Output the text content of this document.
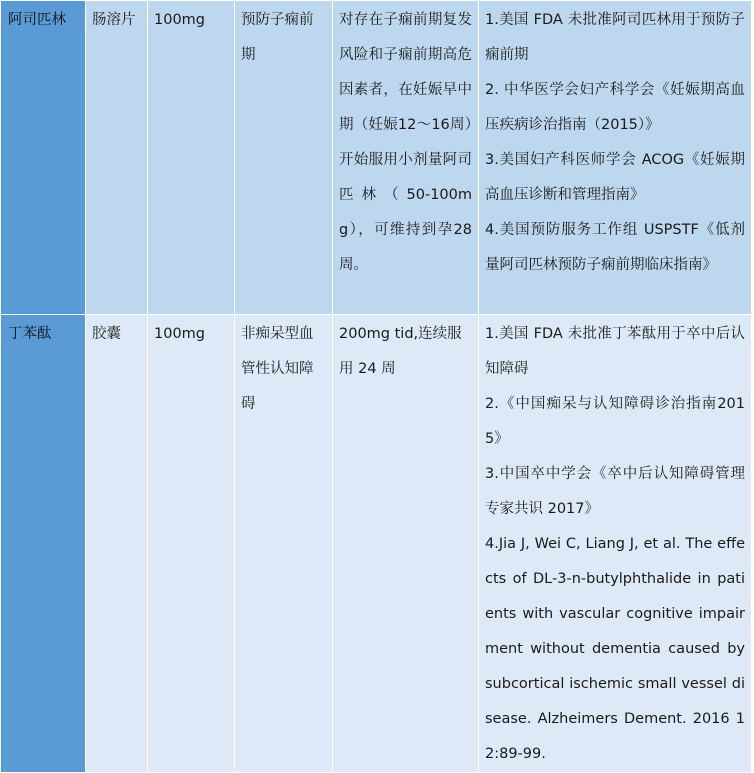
阿司匹林	肠溶片	100mg	预防子痫前期	对存在子痫前期复发风险和子痫前期高危因素者，在妊娠早中期（妊娠12～16周）开始服用小剂量阿司匹林（50-100mg），可维持到孕28周。	1.美国 FDA 未批准阿司匹林用于预防子痫前期
2. 中华医学会妇产科学会《妊娠期高血压疾病诊治指南（2015）》
3.美国妇产科医师学会 ACOG《妊娠期高血压诊断和管理指南》
4.美国预防服务工作组 USPSTF《低剂量阿司匹林预防子痫前期临床指南》

丁苯酞	胶囊	100mg	非痴呆型血管性认知障碍	200mg tid,连续服用 24 周	1.美国 FDA 未批准丁苯酞用于卒中后认知障碍
2.《中国痴呆与认知障碍诊治指南2015》
3.中国卒中学会《卒中后认知障碍管理专家共识 2017》
4.Jia J, Wei C, Liang J, et al. The effects of DL-3-n-butylphthalide in patients with vascular cognitive impairment without dementia caused by subcortical ischemic small vessel disease. Alzheimers Dement. 2016 12:89-99.
